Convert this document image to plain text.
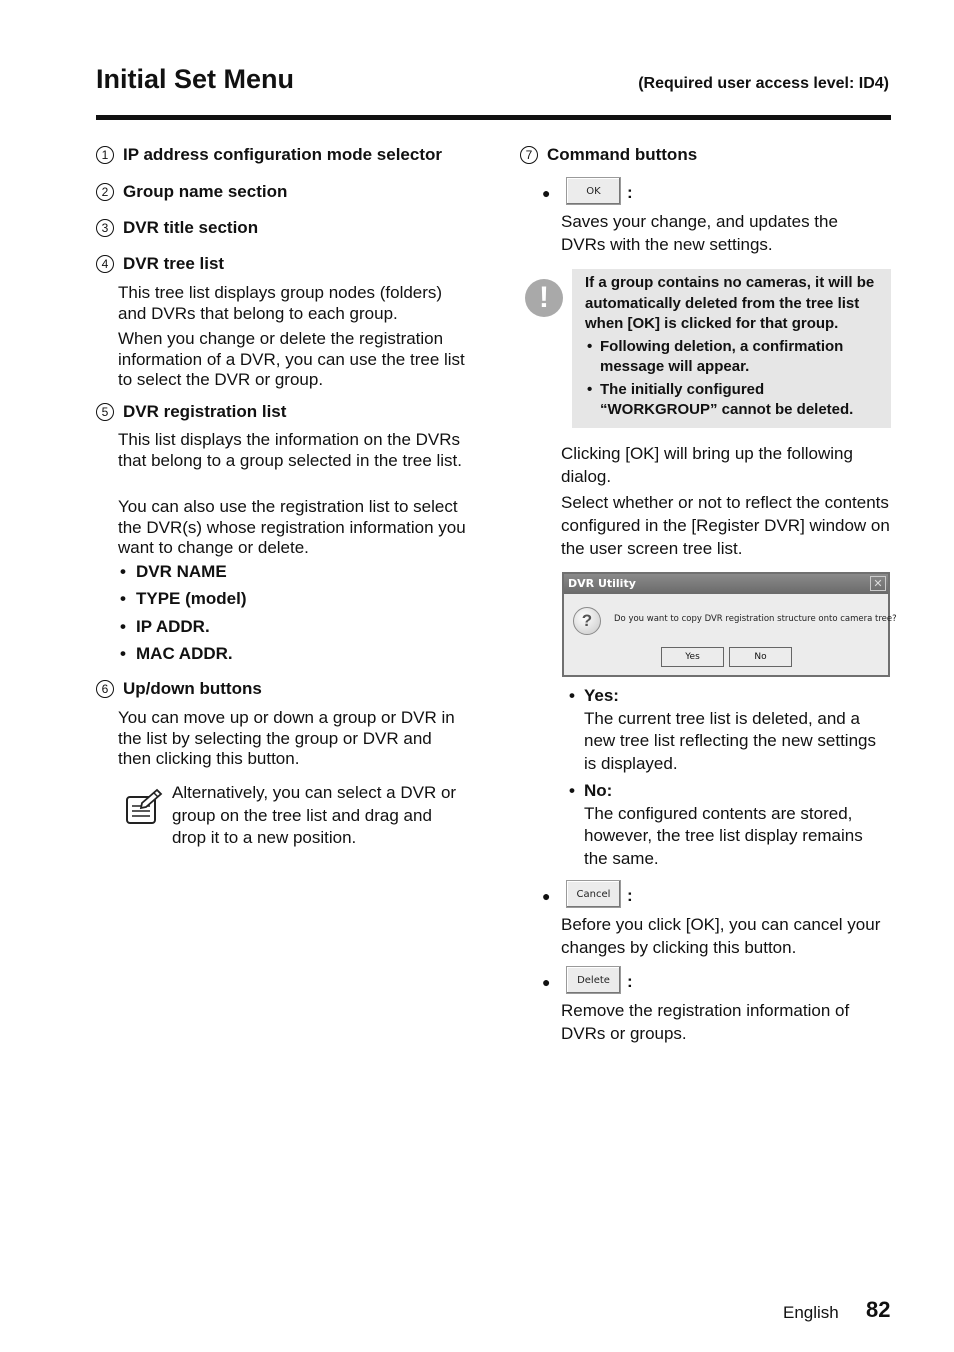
Initial Set Menu	(Required user access level: ID4)
1 IP address configuration mode selector
2 Group name section
3 DVR title section
4 DVR tree list
This tree list displays group nodes (folders) and DVRs that belong to each group.
When you change or delete the registration information of a DVR, you can use the tree list to select the DVR or group.
5 DVR registration list
This list displays the information on the DVRs that belong to a group selected in the tree list.
You can also use the registration list to select the DVR(s) whose registration information you want to change or delete.
• DVR NAME
• TYPE (model)
• IP ADDR.
• MAC ADDR.
6 Up/down buttons
You can move up or down a group or DVR in the list by selecting the group or DVR and then clicking this button.
Alternatively, you can select a DVR or group on the tree list and drag and drop it to a new position.
7 Command buttons
●	OK	:
Saves your change, and updates the DVRs with the new settings.
!	If a group contains no cameras, it will be automatically deleted from the tree list when [OK] is clicked for that group.
• Following deletion, a confirmation message will appear.
• The initially configured “WORKGROUP” cannot be deleted.
Clicking [OK] will bring up the following dialog.
Select whether or not to reflect the contents configured in the [Register DVR] window on the user screen tree list.
DVR Utility	✕
?	Do you want to copy DVR registration structure onto camera tree?
Yes	No
• Yes:
The current tree list is deleted, and a new tree list reflecting the new settings is displayed.
• No:
The configured contents are stored, however, the tree list display remains the same.
●	Cancel :
Before you click [OK], you can cancel your changes by clicking this button.
●	Delete	:
Remove the registration information of DVRs or groups.
English 82
